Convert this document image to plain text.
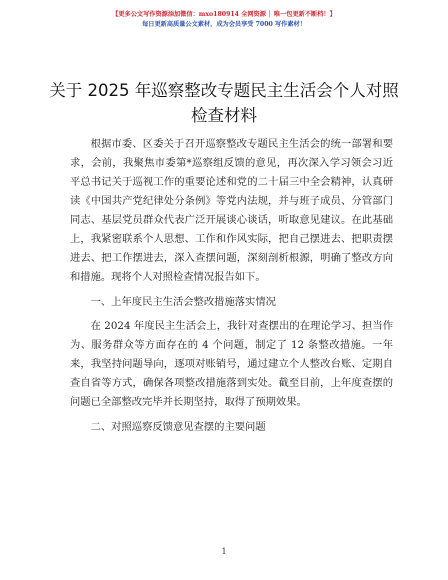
【更多公文写作资源添加微信：mxo180914 全网资源 │ 唯一包更新不断档！】
每日更新高质量公文素材，成为会员享受 7000 写作素材！
关于 2025 年巡察整改专题民主生活会个人对照
检查材料

根据市委、区委关于召开巡察整改专题民主生活会的统一部署和要求，会前，我聚焦市委第*巡察组反馈的意见，再次深入学习领会习近平总书记关于巡视工作的重要论述和党的二十届三中全会精神，认真研读《中国共产党纪律处分条例》等党内法规，并与班子成员、分管部门同志、基层党员群众代表广泛开展谈心谈话，听取意见建议。在此基础上，我紧密联系个人思想、工作和作风实际，把自己摆进去、把职责摆进去、把工作摆进去，深入查摆问题，深刻剖析根源，明确了整改方向和措施。现将个人对照检查情况报告如下。

一、上年度民主生活会整改措施落实情况

在 2024 年度民主生活会上，我针对查摆出的在理论学习、担当作为、服务群众等方面存在的 4 个问题，制定了 12 条整改措施。一年来，我坚持问题导向，逐项对账销号，通过建立个人整改台账、定期自查自省等方式，确保各项整改措施落到实处。截至目前，上年度查摆的问题已全部整改完毕并长期坚持，取得了预期效果。

二、对照巡察反馈意见查摆的主要问题

1
